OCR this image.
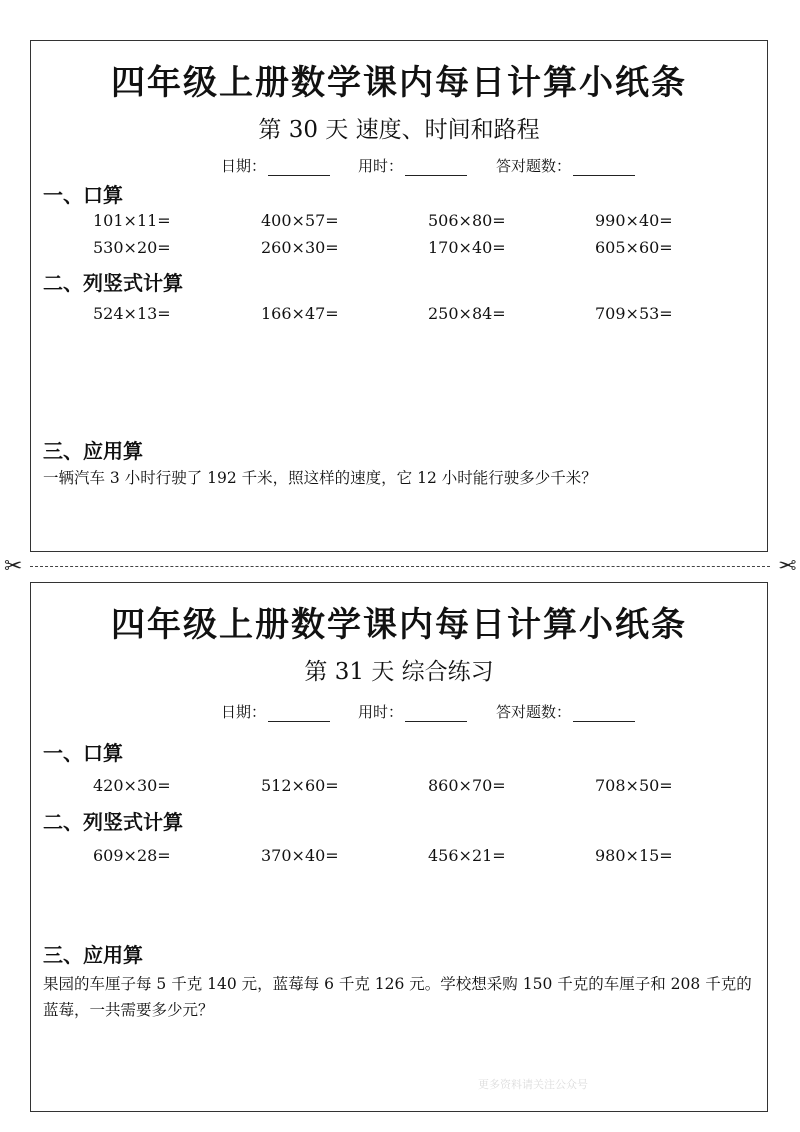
✂	✂
四年级上册数学课内每日计算小纸条
第 30 天 速度、时间和路程
日期：	用时：	答对题数：
一、口算
101×11=	400×57=	506×80=	990×40=
530×20=	260×30=	170×40=	605×60=
二、列竖式计算
524×13=	166×47=	250×84=	709×53=
三、应用算
一辆汽车 3 小时行驶了 192 千米，照这样的速度，它 12 小时能行驶多少千米？
四年级上册数学课内每日计算小纸条
第 31 天 综合练习
日期：	用时：	答对题数：
一、口算
420×30=	512×60=	860×70=	708×50=
二、列竖式计算
609×28=	370×40=	456×21=	980×15=
三、应用算
果园的车厘子每 5 千克 140 元，蓝莓每 6 千克 126 元。学校想采购 150 千克的车厘子和 208 千克的蓝莓，一共需要多少元？
更多资料请关注公众号
